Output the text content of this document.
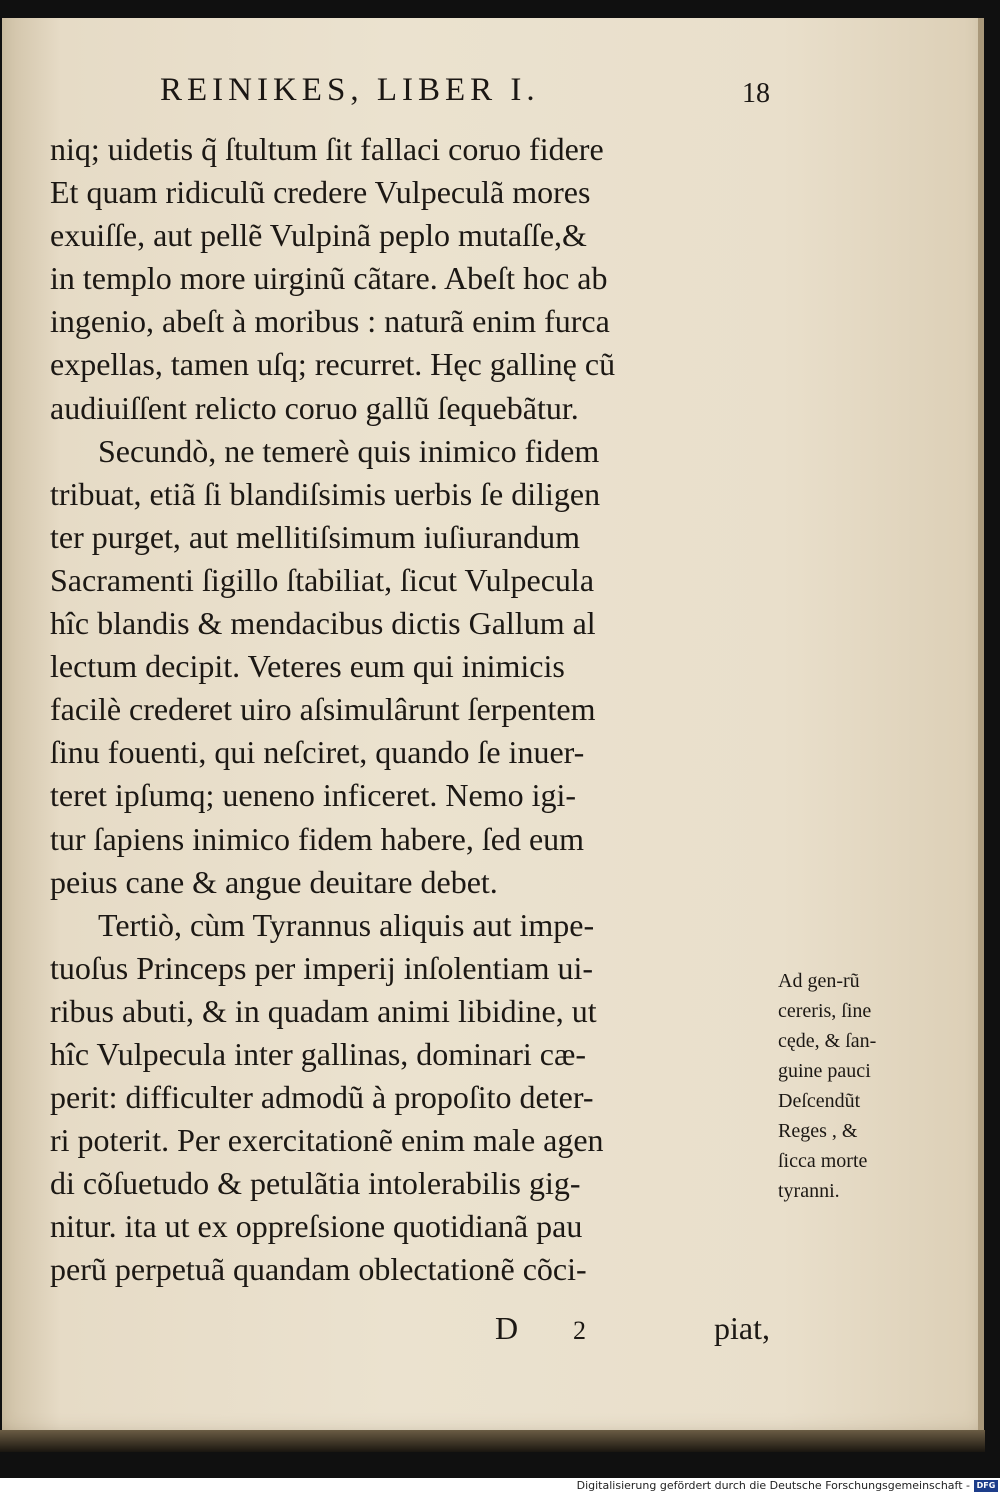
REINIKES, LIBER I.	18
niq; uidetis q̃ ſtultum ſit fallaci coruo fidere
Et quam ridiculũ credere Vulpeculã mores
exuiſſe, aut pellẽ Vulpinã peplo mutaſſe,&
in templo more uirginũ cãtare. Abeſt hoc ab
ingenio, abeſt à moribus : naturã enim furca
expellas, tamen uſq; recurret. Hęc gallinę cũ
audiuiſſent relicto coruo gallũ ſequebãtur.
Secundò, ne temerè quis inimico fidem
tribuat, etiã ſi blandiſsimis uerbis ſe diligen
ter purget, aut mellitiſsimum iuſiurandum
Sacramenti ſigillo ſtabiliat, ſicut Vulpecula
hîc blandis & mendacibus dictis Gallum al
lectum decipit. Veteres eum qui inimicis
facilè crederet uiro aſsimulârunt ſerpentem
ſinu fouenti, qui neſciret, quando ſe inuer-
teret ipſumq; ueneno inficeret. Nemo igi-
tur ſapiens inimico fidem habere, ſed eum
peius cane & angue deuitare debet.
Tertiò, cùm Tyrannus aliquis aut impe-
tuoſus Princeps per imperij inſolentiam ui-
ribus abuti, & in quadam animi libidine, ut
hîc Vulpecula inter gallinas, dominari cæ-
perit: difficulter admodũ à propoſito deter-
ri poterit. Per exercitationẽ enim male agen
di cõſuetudo & petulãtia intolerabilis gig-
nitur. ita ut ex oppreſsione quotidianã pau
perũ perpetuã quandam oblectationẽ cõci-
Ad gen-rũ
cereris, ſine
cęde, & ſan-
guine pauci
Deſcendũt
Reges , &
ſicca morte
tyranni.
D 2	piat,
Digitalisierung gefördert durch die Deutsche Forschungsgemeinschaft - DFG
